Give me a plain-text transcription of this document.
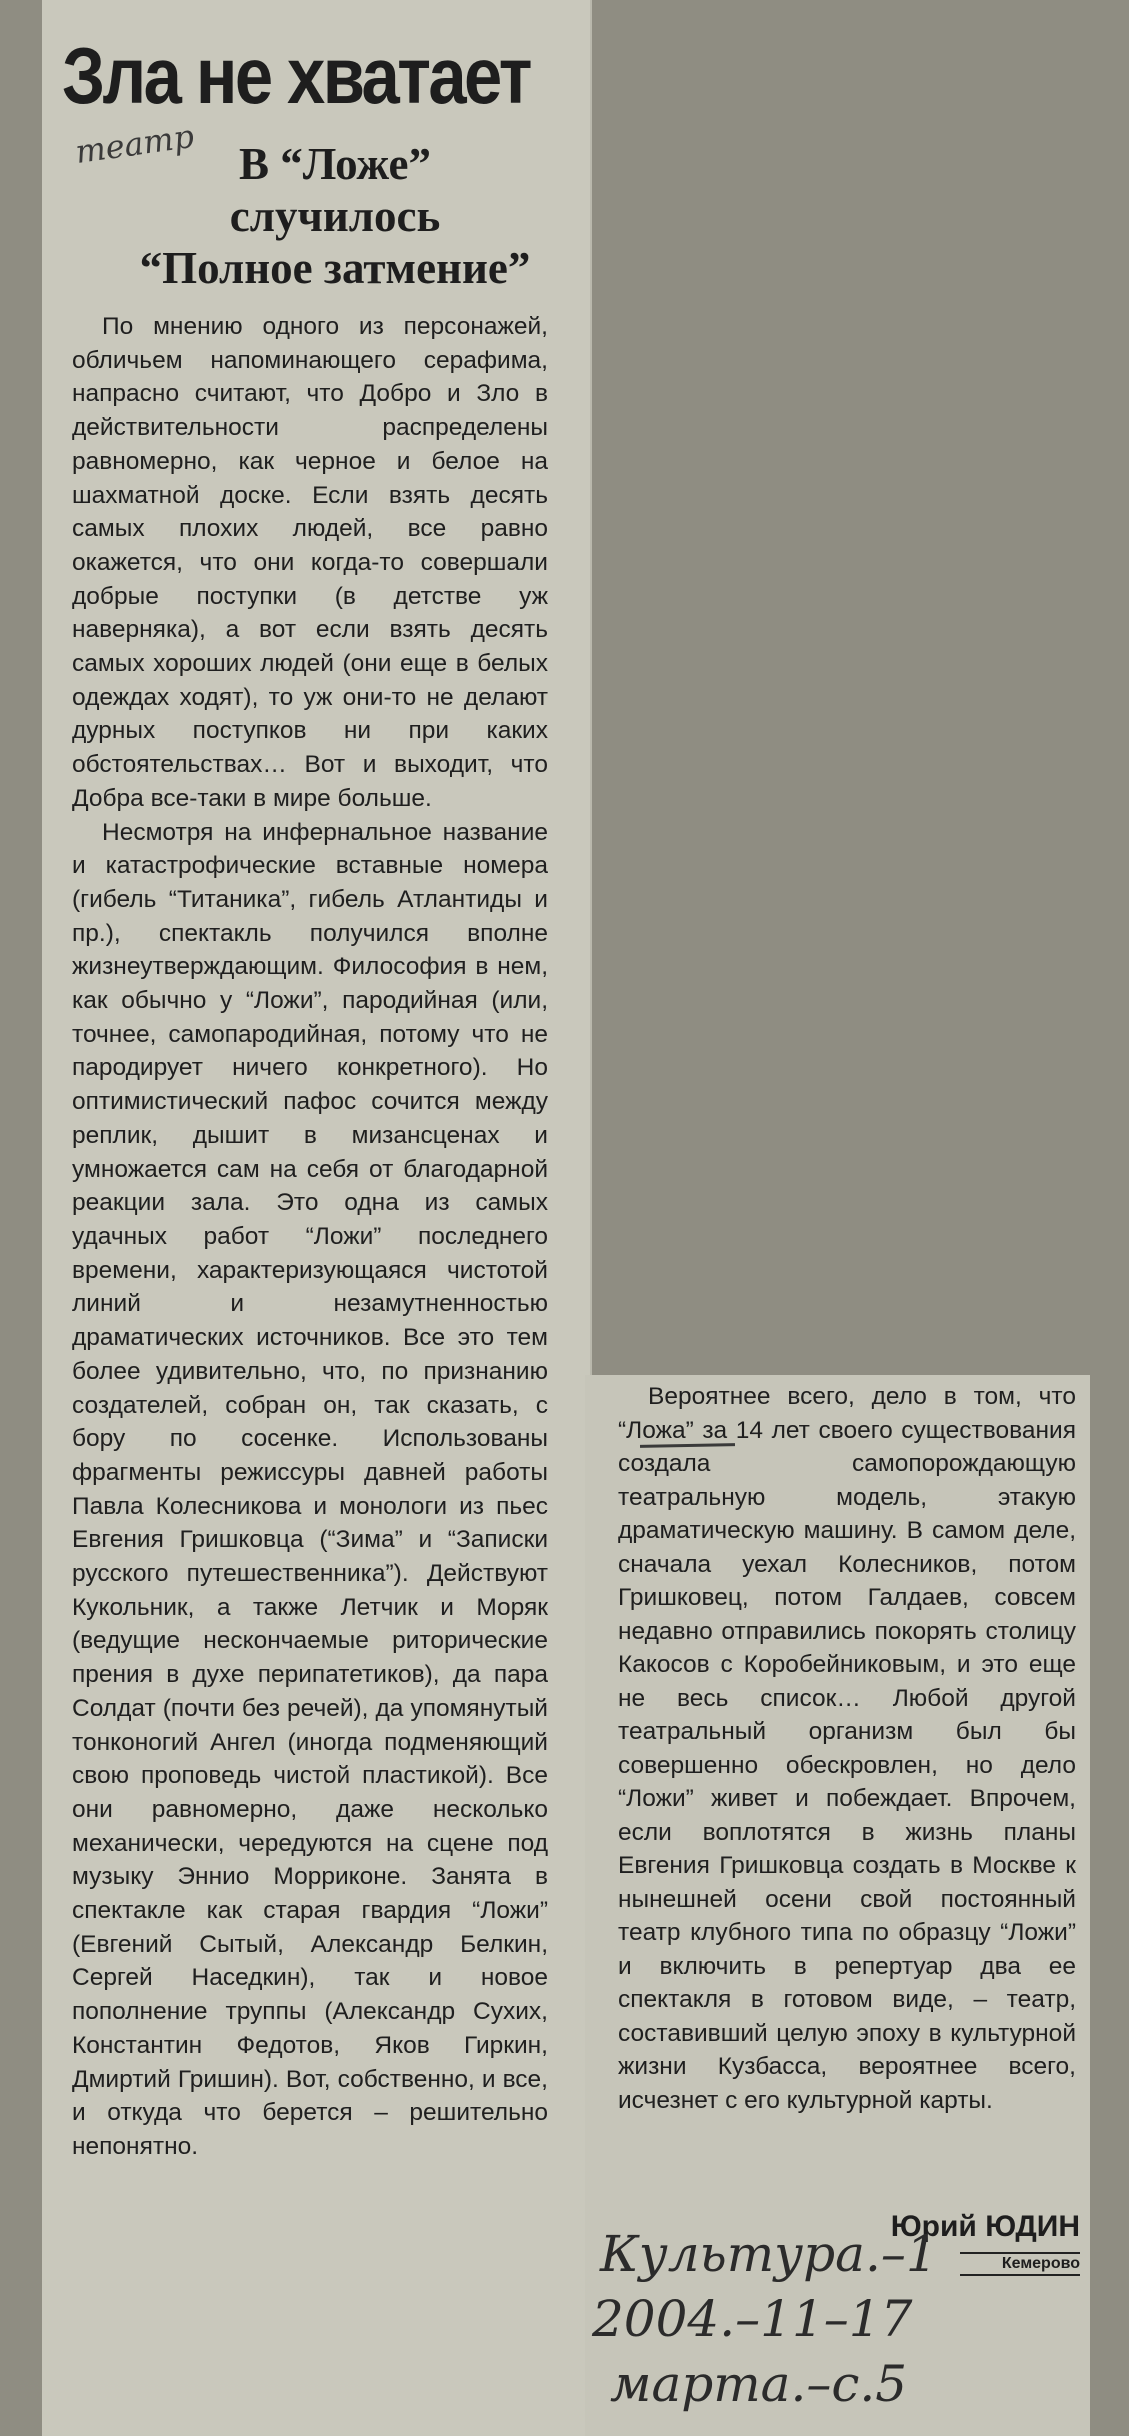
Зла не хватает
театр В “Ложе”
случилось
“Полное затмение”

По мнению одного из персонажей, обличьем напоминающего серафима, напрасно считают, что Добро и Зло в действительности распределены равномерно, как черное и белое на шахматной доске. Если взять десять самых плохих людей, все равно окажется, что они когда-то совершали добрые поступки (в детстве уж наверняка), а вот если взять десять самых хороших людей (они еще в белых одеждах ходят), то уж они-то не делают дурных поступков ни при каких обстоятельствах… Вот и выходит, что Добра все-таки в мире больше.

Несмотря на инфернальное название и катастрофические вставные номера (гибель “Титаника”, гибель Атлантиды и пр.), спектакль получился вполне жизнеутверждающим. Философия в нем, как обычно у “Ложи”, пародийная (или, точнее, самопародийная, потому что не пародирует ничего конкретного). Но оптимистический пафос сочится между реплик, дышит в мизансценах и умножается сам на себя от благодарной реакции зала. Это одна из самых удачных работ “Ложи” последнего времени, характеризующаяся чистотой линий и незамутненностью драматических источников. Все это тем более удивительно, что, по признанию создателей, собран он, так сказать, с бору по сосенке. Использованы фрагменты режиссуры давней работы Павла Колесникова и монологи из пьес Евгения Гришковца (“Зима” и “Записки русского путешественника”). Действуют Кукольник, а также Летчик и Моряк (ведущие нескончаемые риторические прения в духе перипатетиков), да пара Солдат (почти без речей), да упомянутый тонконогий Ангел (иногда подменяющий свою проповедь чистой пластикой). Все они равномерно, даже несколько механически, чередуются на сцене под музыку Эннио Морриконе. Занята в спектакле как старая гвардия “Ложи” (Евгений Сытый, Александр Белкин, Сергей Наседкин), так и новое пополнение труппы (Александр Сухих, Константин Федотов, Яков Гиркин, Дмиртий Гришин). Вот, собственно, и все, и откуда что берется – решительно непонятно.

Вероятнее всего, дело в том, что “Ложа” за 14 лет своего существования создала самопорождающую театральную модель, этакую драматическую машину. В самом деле, сначала уехал Колесников, потом Гришковец, потом Галдаев, совсем недавно отправились покорять столицу Какосов с Коробейниковым, и это еще не весь список… Любой другой театральный организм был бы совершенно обескровлен, но дело “Ложи” живет и побеждает. Впрочем, если воплотятся в жизнь планы Евгения Гришковца создать в Москве к нынешней осени свой постоянный театр клубного типа по образцу “Ложи” и включить в репертуар два ее спектакля в готовом виде, – театр, составивший целую эпоху в культурной жизни Кузбасса, вероятнее всего, исчезнет с его культурной карты.

Юрий ЮДИН
Кемерово
Культура.–1
2004.–11–17
марта.–с.5
